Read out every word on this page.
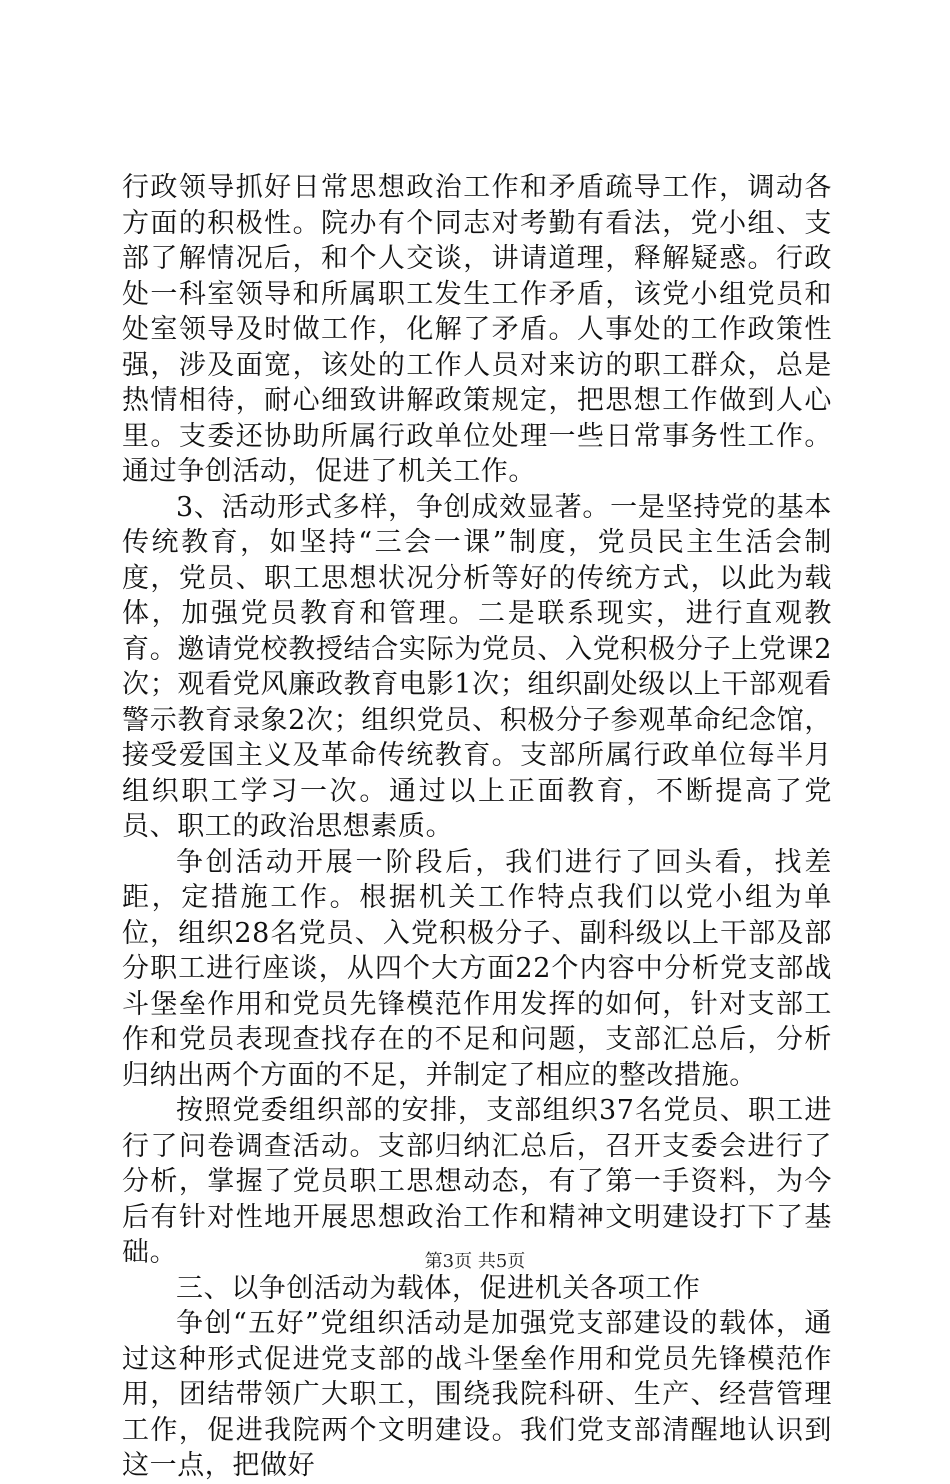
行政领导抓好日常思想政治工作和矛盾疏导工作，调动各方面的积极性。院办有个同志对考勤有看法，党小组、支部了解情况后，和个人交谈，讲请道理，释解疑惑。行政处一科室领导和所属职工发生工作矛盾，该党小组党员和处室领导及时做工作，化解了矛盾。人事处的工作政策性强，涉及面宽，该处的工作人员对来访的职工群众，总是热情相待，耐心细致讲解政策规定，把思想工作做到人心里。支委还协助所属行政单位处理一些日常事务性工作。通过争创活动，促进了机关工作。

3、活动形式多样，争创成效显著。一是坚持党的基本传统教育，如坚持“三会一课”制度，党员民主生活会制度，党员、职工思想状况分析等好的传统方式，以此为载体，加强党员教育和管理。二是联系现实，进行直观教育。邀请党校教授结合实际为党员、入党积极分子上党课2次；观看党风廉政教育电影1次；组织副处级以上干部观看警示教育录象2次；组织党员、积极分子参观革命纪念馆，接受爱国主义及革命传统教育。支部所属行政单位每半月组织职工学习一次。通过以上正面教育，不断提高了党员、职工的政治思想素质。

争创活动开展一阶段后，我们进行了回头看，找差距，定措施工作。根据机关工作特点我们以党小组为单位，组织28名党员、入党积极分子、副科级以上干部及部分职工进行座谈，从四个大方面22个内容中分析党支部战斗堡垒作用和党员先锋模范作用发挥的如何，针对支部工作和党员表现查找存在的不足和问题，支部汇总后，分析归纳出两个方面的不足，并制定了相应的整改措施。

按照党委组织部的安排，支部组织37名党员、职工进行了问卷调查活动。支部归纳汇总后，召开支委会进行了分析，掌握了党员职工思想动态，有了第一手资料，为今后有针对性地开展思想政治工作和精神文明建设打下了基础。

三、以争创活动为载体，促进机关各项工作

争创“五好”党组织活动是加强党支部建设的载体，通过这种形式促进党支部的战斗堡垒作用和党员先锋模范作用，团结带领广大职工，围绕我院科研、生产、经营管理工作，促进我院两个文明建设。我们党支部清醒地认识到这一点，把做好

第3页 共5页
